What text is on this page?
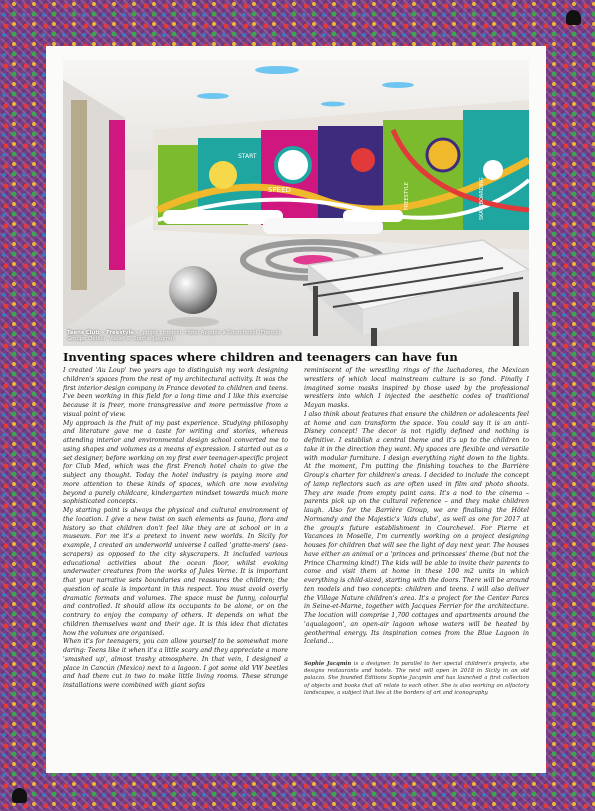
START
SPEED	FREESTYLE	SKATEBOARDING
Teens Club « Freestyle », projet / project: Hôtel Apogée à Courchevel (France)
Groupe Oetker. Visuel © Sophie Jacqmin.
Inventing spaces where children and teenagers can have fun

I created 'Au Loup' two years ago to distinguish my work designing children's spaces from the rest of my architectural activity. It was the first interior design company in France devoted to children and teens. I've been working in this field for a long time and I like this exercise because it is freer, more transgressive and more permissive from a visual point of view.

My approach is the fruit of my past experience. Studying philosophy and literature gave me a taste for writing and stories, whereas attending interior and environmental design school converted me to using shapes and volumes as a means of expression. I started out as a set designer, before working on my first ever teenager-specific project for Club Med, which was the first French hotel chain to give the subject any thought. Today the hotel industry is paying more and more attention to these kinds of spaces, which are now evolving beyond a purely childcare, kindergarten mindset towards much more sophisticated concepts.

My starting point is always the physical and cultural environment of the location. I give a new twist on such elements as fauna, flora and history so that children don't feel like they are at school or in a museum. For me it's a pretext to invent new worlds. In Sicily for example, I created an underworld universe I called 'gratte-mers' (sea-scrapers) as opposed to the city skyscrapers. It included various educational activities about the ocean floor, whilst evoking underwater creatures from the works of Jules Verne. It is important that your narrative sets boundaries and reassures the children; the question of scale is important in this respect. You must avoid overly dramatic formats and volumes. The space must be funny, colourful and controlled. It should allow its occupants to be alone, or on the contrary to enjoy the company of others. It depends on what the children themselves want and their age. It is this idea that dictates how the volumes are organised.

When it's for teenagers, you can allow yourself to be somewhat more daring: Teens like it when it's a little scary and they appreciate a more 'smashed up', almost trashy atmosphere. In that vein, I designed a place in Cancún (Mexico) next to a lagoon. I got some old VW beetles and had them cut in two to make little living rooms. These strange installations were combined with giant sofas

reminiscent of the wrestling rings of the luchadores, the Mexican wrestlers of which local mainstream culture is so fond. Finally I imagined some masks inspired by those used by the professional wrestlers into which I injected the aesthetic codes of traditional Mayan masks.

I also think about features that ensure the children or adolescents feel at home and can transform the space. You could say it is an anti-Disney concept! The decor is not rigidly defined and nothing is definitive. I establish a central theme and it's up to the children to take it in the direction they want. My spaces are flexible and versatile with modular furniture. I design everything right down to the lights. At the moment, I'm putting the finishing touches to the Barrière Group's charter for children's areas. I decided to include the concept of lamp reflectors such as are often used in film and photo shoots. They are made from empty paint cans. It's a nod to the cinema – parents pick up on the cultural reference – and they make children laugh. Also for the Barrière Group, we are finalising the Hôtel Normandy and the Majestic's 'kids clubs', as well as one for 2017 at the group's future establishment in Courchevel. For Pierre et Vacances in Moselle, I'm currently working on a project designing houses for children that will see the light of day next year. The houses have either an animal or a 'princes and princesses' theme (but not the Prince Charming kind!) The kids will be able to invite their parents to come and visit them at home in these 100 m2 units in which everything is child-sized, starting with the doors. There will be around ten models and two concepts: children and teens. I will also deliver the Village Nature children's area. It's a project for the Center Parcs in Seine-et-Marne, together with Jacques Ferrier for the architecture. The location will comprise 1,700 cottages and apartments around the 'aqualagoon', an open-air lagoon whose waters will be heated by geothermal energy. Its inspiration comes from the Blue Lagoon in Iceland…

Sophie Jacqmin is a designer. In parallel to her special children's projects, she designs restaurants and hotels. The next will open in 2018 in Sicily in an old palazzo. She founded Éditions Sophie Jacqmin and has launched a first collection of objects and books that all relate to each other. She is also working on olfactory landscapes, a subject that lies at the borders of art and iconography.
